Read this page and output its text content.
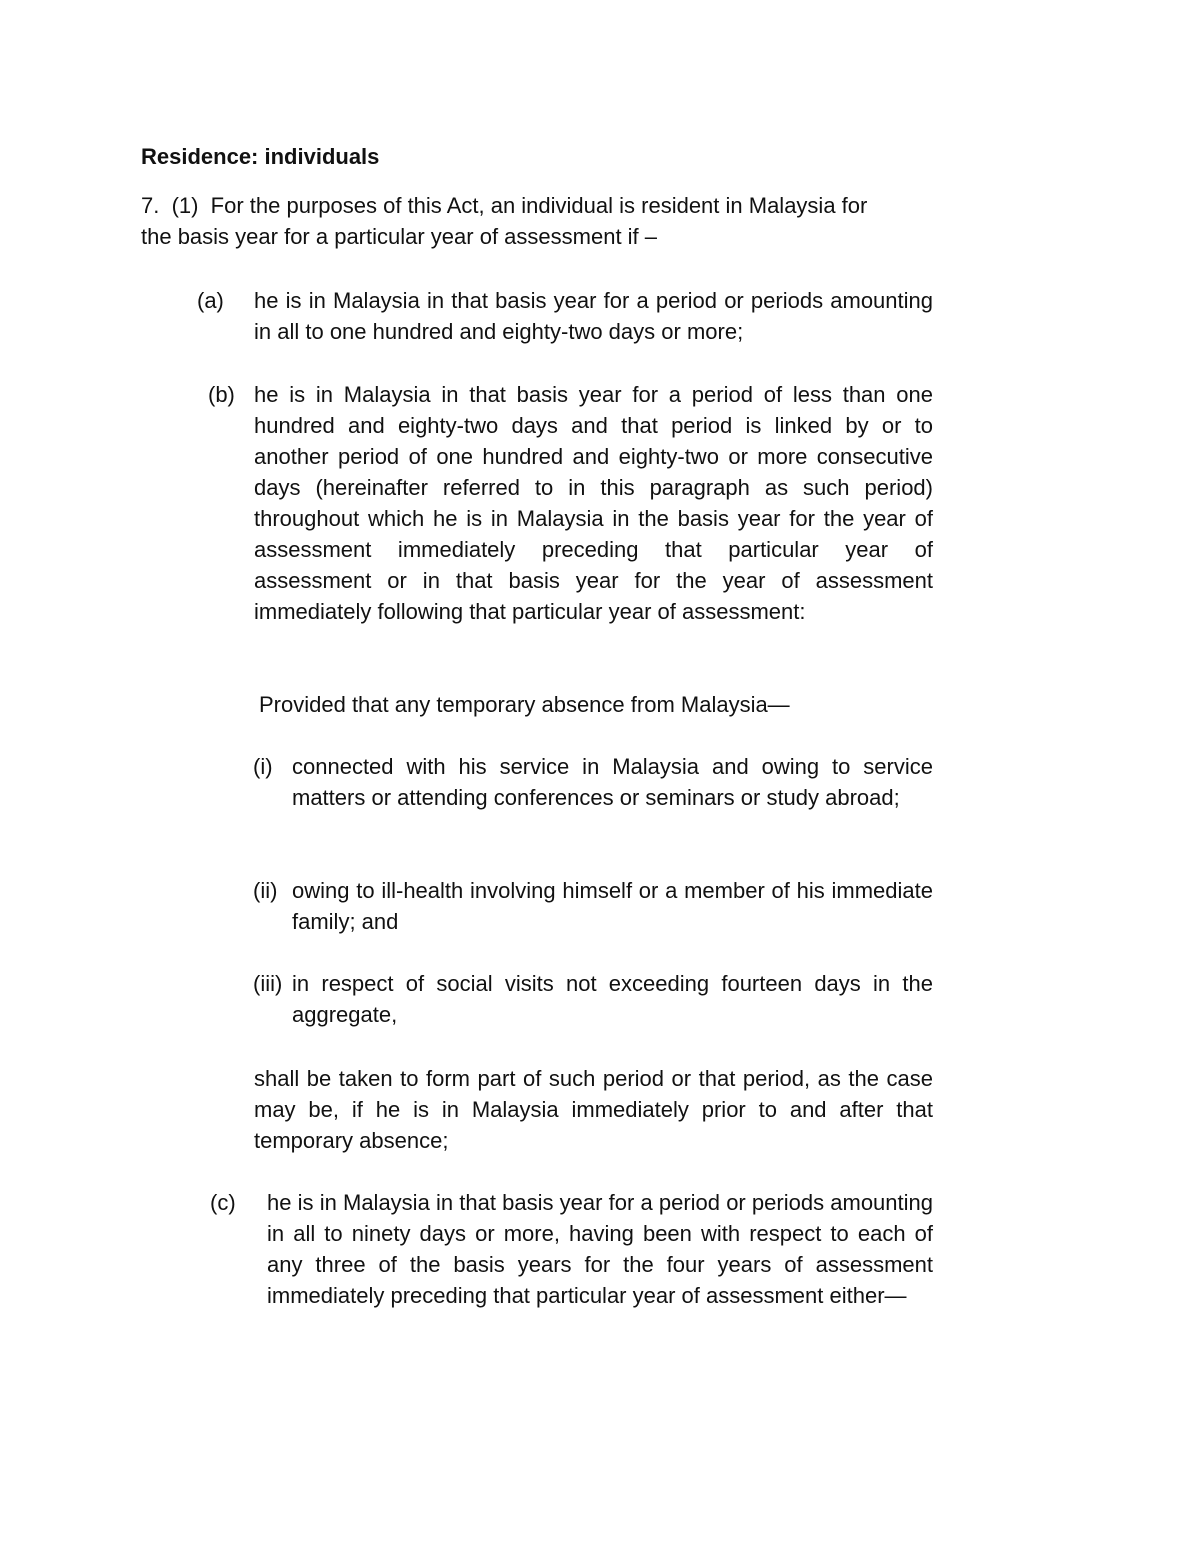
Residence: individuals
7.  (1)  For the purposes of this Act, an individual is resident in Malaysia for
the basis year for a particular year of assessment if –
(a) he is in Malaysia in that basis year for a period or periods amounting in all to one hundred and eighty-two days or more;
(b) he is in Malaysia in that basis year for a period of less than one hundred and eighty-two days and that period is linked by or to another period of one hundred and eighty-two or more consecutive days (hereinafter referred to in this paragraph as such period) throughout which he is in Malaysia in the basis year for the year of assessment immediately preceding that particular year of assessment or in that basis year for the year of assessment immediately following that particular year of assessment:
Provided that any temporary absence from Malaysia—
(i) connected with his service in Malaysia and owing to service matters or attending conferences or seminars or study abroad;
(ii) owing to ill-health involving himself or a member of his immediate family; and
(iii) in respect of social visits not exceeding fourteen days in the aggregate,
shall be taken to form part of such period or that period, as the case may be, if he is in Malaysia immediately prior to and after that temporary absence;
(c) he is in Malaysia in that basis year for a period or periods amounting in all to ninety days or more, having been with respect to each of any three of the basis years for the four years of assessment immediately preceding that particular year of assessment either—
